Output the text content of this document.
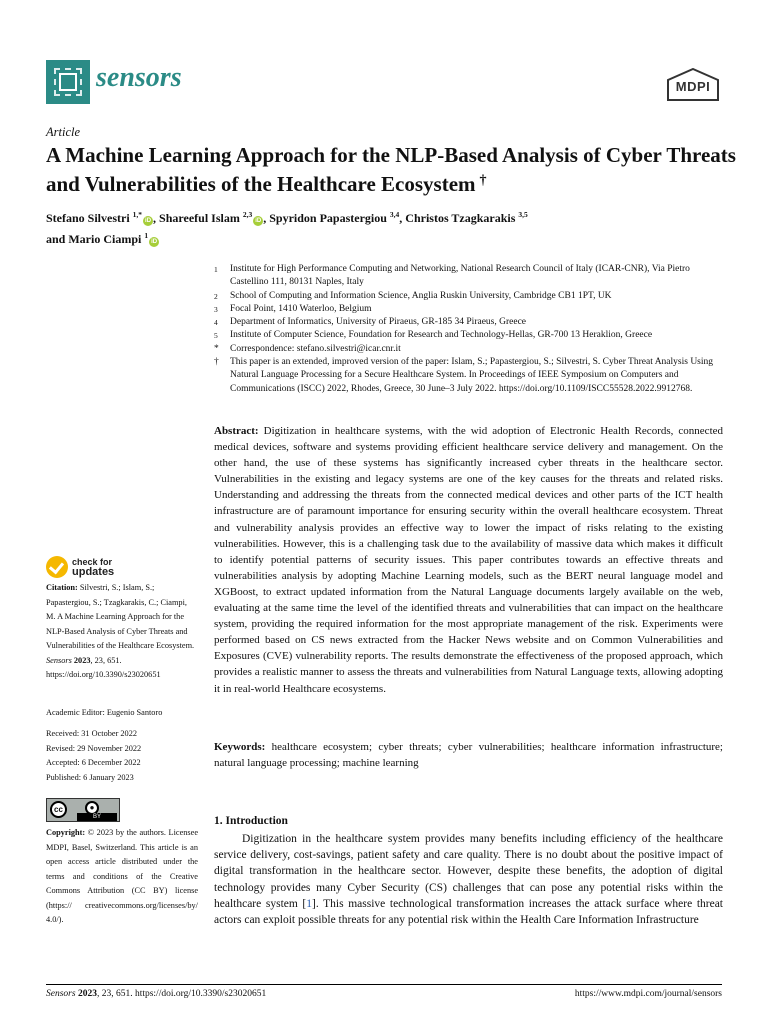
sensors	MDPI
Article
A Machine Learning Approach for the NLP-Based Analysis of Cyber Threats and Vulnerabilities of the Healthcare Ecosystem †
Stefano Silvestri $^{1,*}$iD , Shareeful Islam $^{2,3}$iD , Spyridon Papastergiou $^{3,4}$, Christos Tzagkarakis $^{3,5}$
and Mario Ciampi $^1$iD
1	Institute for High Performance Computing and Networking, National Research Council of Italy (ICAR-CNR), Via Pietro Castellino 111, 80131 Naples, Italy
2	School of Computing and Information Science, Anglia Ruskin University, Cambridge CB1 1PT, UK
3	Focal Point, 1410 Waterloo, Belgium
4	Department of Informatics, University of Piraeus, GR-185 34 Piraeus, Greece
5	Institute of Computer Science, Foundation for Research and Technology-Hellas, GR-700 13 Heraklion, Greece
*	Correspondence: stefano.silvestri@icar.cnr.it
†	This paper is an extended, improved version of the paper: Islam, S.; Papastergiou, S.; Silvestri, S. Cyber Threat Analysis Using Natural Language Processing for a Secure Healthcare System. In Proceedings of IEEE Symposium on Computers and Communications (ISCC) 2022, Rhodes, Greece, 30 June–3 July 2022. https://doi.org/10.1109/ISCC55528.2022.9912768.
Abstract: Digitization in healthcare systems, with the wid adoption of Electronic Health Records, connected medical devices, software and systems providing efficient healthcare service delivery and management. On the other hand, the use of these systems has significantly increased cyber threats in the healthcare sector. Vulnerabilities in the existing and legacy systems are one of the key causes for the threats and related risks. Understanding and addressing the threats from the connected medical devices and other parts of the ICT health infrastructure are of paramount importance for ensuring security within the overall healthcare ecosystem. Threat and vulnerability analysis provides an effective way to lower the impact of risks relating to the existing vulnerabilities. However, this is a challenging task due to the availability of massive data which makes it difficult to identify potential patterns of security issues. This paper contributes towards an effective threats and vulnerabilities analysis by adopting Machine Learning models, such as the BERT neural language model and XGBoost, to extract updated information from the Natural Language documents largely available on the web, evaluating at the same time the level of the identified threats and vulnerabilities that can impact on the healthcare system, providing the required information for the most appropriate management of the risk. Experiments were performed based on CS news extracted from the Hacker News website and on Common Vulnerabilities and Exposures (CVE) vulnerability reports. The results demonstrate the effectiveness of the proposed approach, which provides a realistic manner to assess the threats and vulnerabilities from Natural Language texts, allowing adopting it in real-world Healthcare ecosystems.
Keywords: healthcare ecosystem; cyber threats; cyber vulnerabilities; healthcare information infrastructure; natural language processing; machine learning
1. Introduction
Digitization in the healthcare system provides many benefits including efficiency of the healthcare service delivery, cost-savings, patient safety and care quality. There is no doubt about the positive impact of digital transformation in the healthcare sector. However, despite these benefits, the adoption of digital technology provides many Cyber Security (CS) challenges that can pose any potential risks within the healthcare system [1]. This massive technological transformation increases the attack surface where threat actors can exploit possible threats for any potential risk within the Health Care Information Infrastructure
check for
updates
Citation: Silvestri, S.; Islam, S.; Papastergiou, S.; Tzagkarakis, C.; Ciampi, M. A Machine Learning Approach for the NLP-Based Analysis of Cyber Threats and Vulnerabilities of the Healthcare Ecosystem. Sensors 2023, 23, 651. https://doi.org/10.3390/s23020651
Academic Editor: Eugenio Santoro
Received: 31 October 2022
Revised: 29 November 2022
Accepted: 6 December 2022
Published: 6 January 2023
cc	●
BY
Copyright: © 2023 by the authors. Licensee MDPI, Basel, Switzerland. This article is an open access article distributed under the terms and conditions of the Creative Commons Attribution (CC BY) license (https:// creativecommons.org/licenses/by/ 4.0/).
Sensors 2023, 23, 651. https://doi.org/10.3390/s23020651	https://www.mdpi.com/journal/sensors
